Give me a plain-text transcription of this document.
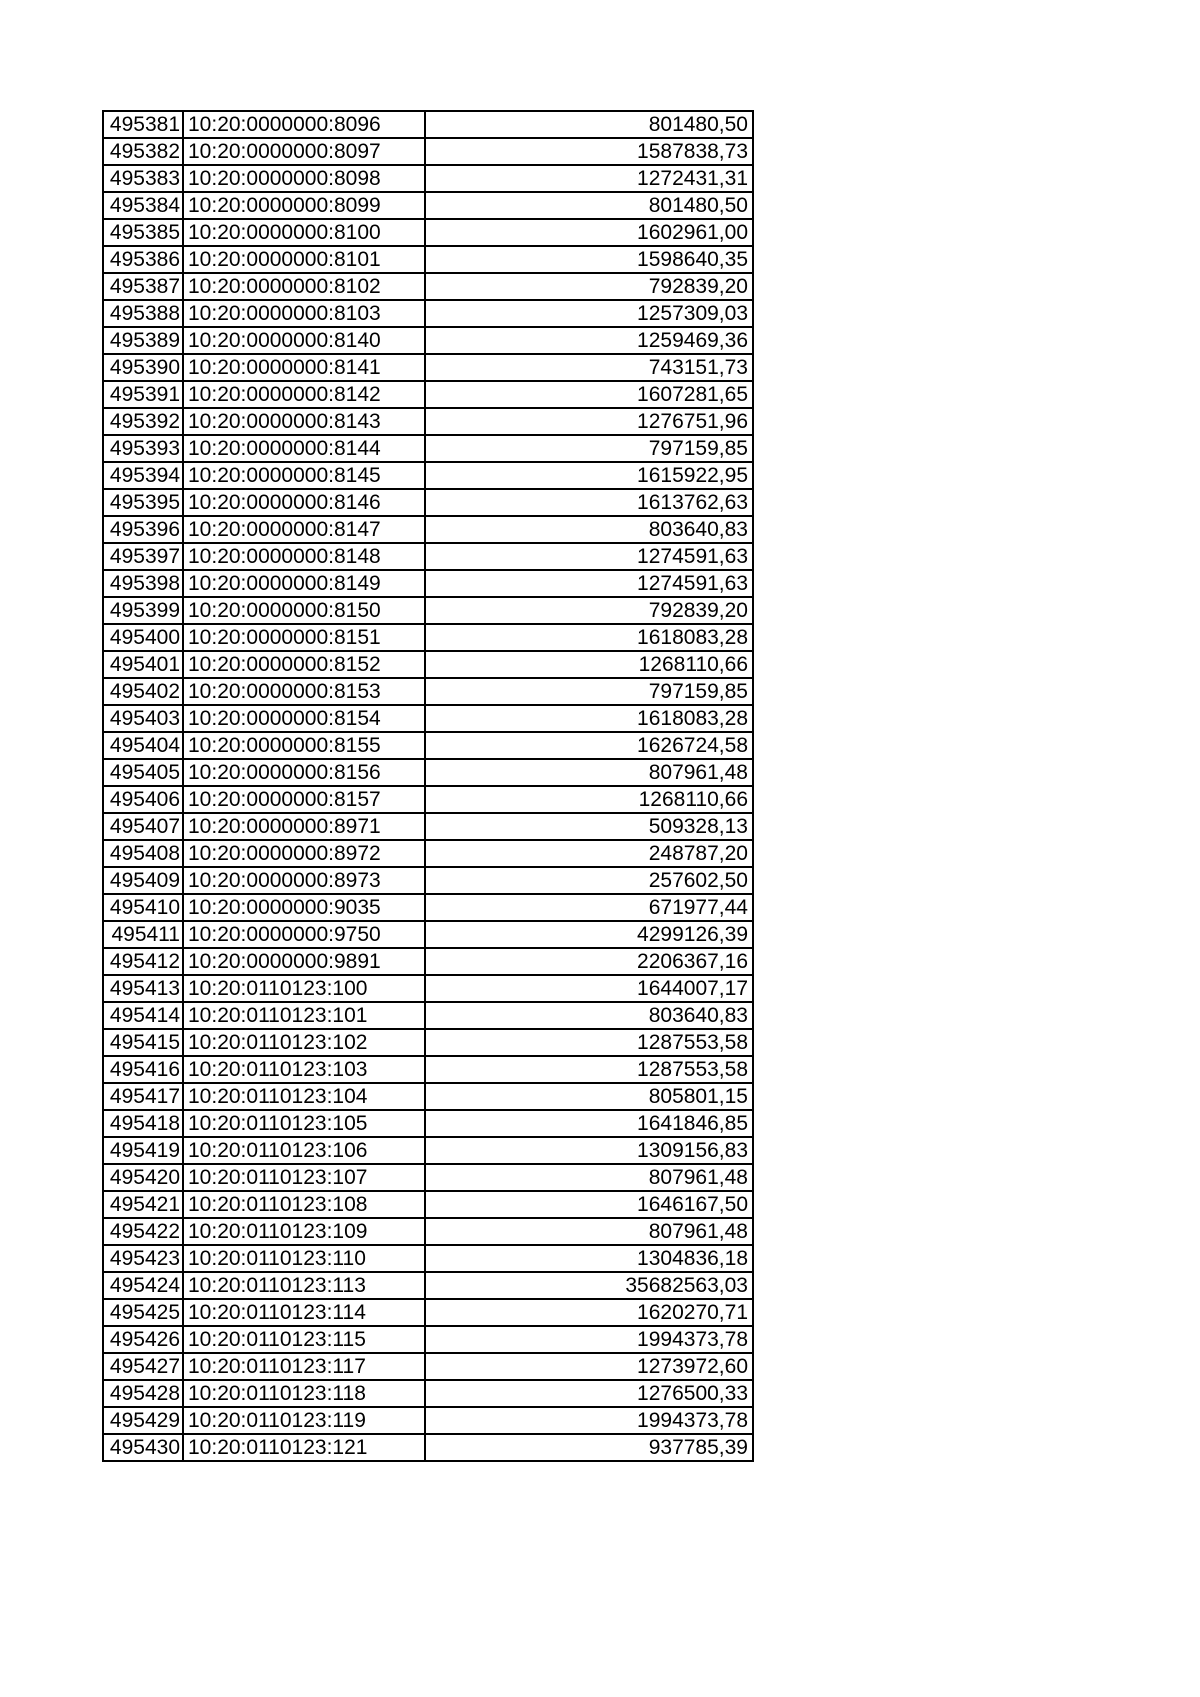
495381	10:20:0000000:8096	801480,50
495382	10:20:0000000:8097	1587838,73
495383	10:20:0000000:8098	1272431,31
495384	10:20:0000000:8099	801480,50
495385	10:20:0000000:8100	1602961,00
495386	10:20:0000000:8101	1598640,35
495387	10:20:0000000:8102	792839,20
495388	10:20:0000000:8103	1257309,03
495389	10:20:0000000:8140	1259469,36
495390	10:20:0000000:8141	743151,73
495391	10:20:0000000:8142	1607281,65
495392	10:20:0000000:8143	1276751,96
495393	10:20:0000000:8144	797159,85
495394	10:20:0000000:8145	1615922,95
495395	10:20:0000000:8146	1613762,63
495396	10:20:0000000:8147	803640,83
495397	10:20:0000000:8148	1274591,63
495398	10:20:0000000:8149	1274591,63
495399	10:20:0000000:8150	792839,20
495400	10:20:0000000:8151	1618083,28
495401	10:20:0000000:8152	1268110,66
495402	10:20:0000000:8153	797159,85
495403	10:20:0000000:8154	1618083,28
495404	10:20:0000000:8155	1626724,58
495405	10:20:0000000:8156	807961,48
495406	10:20:0000000:8157	1268110,66
495407	10:20:0000000:8971	509328,13
495408	10:20:0000000:8972	248787,20
495409	10:20:0000000:8973	257602,50
495410	10:20:0000000:9035	671977,44
495411	10:20:0000000:9750	4299126,39
495412	10:20:0000000:9891	2206367,16
495413	10:20:0110123:100	1644007,17
495414	10:20:0110123:101	803640,83
495415	10:20:0110123:102	1287553,58
495416	10:20:0110123:103	1287553,58
495417	10:20:0110123:104	805801,15
495418	10:20:0110123:105	1641846,85
495419	10:20:0110123:106	1309156,83
495420	10:20:0110123:107	807961,48
495421	10:20:0110123:108	1646167,50
495422	10:20:0110123:109	807961,48
495423	10:20:0110123:110	1304836,18
495424	10:20:0110123:113	35682563,03
495425	10:20:0110123:114	1620270,71
495426	10:20:0110123:115	1994373,78
495427	10:20:0110123:117	1273972,60
495428	10:20:0110123:118	1276500,33
495429	10:20:0110123:119	1994373,78
495430	10:20:0110123:121	937785,39
